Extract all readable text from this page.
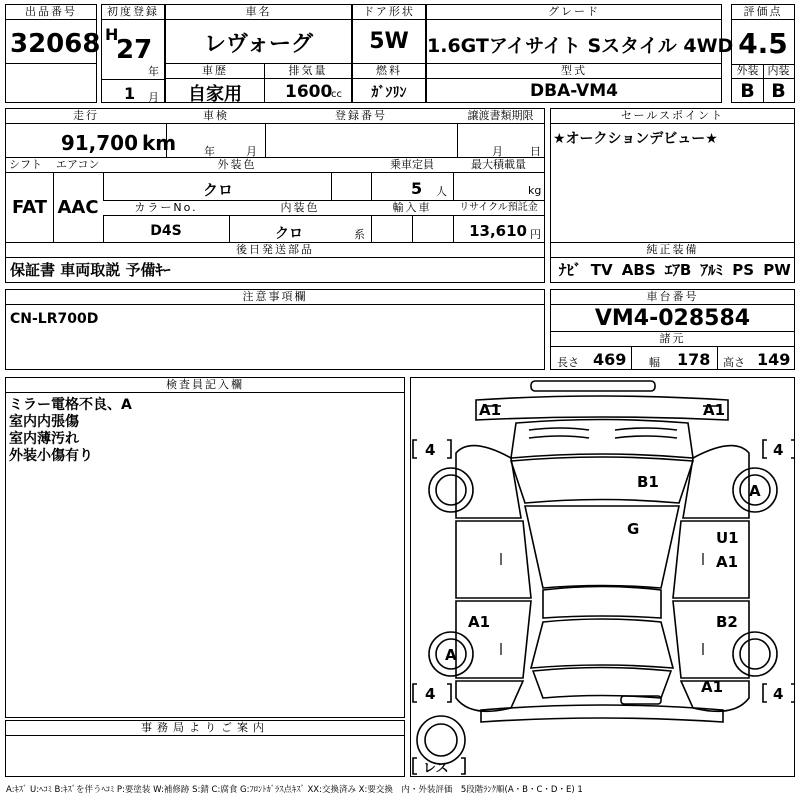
出品番号
32068
初度登録
H
27
年
1 月
車名
レヴォーグ
ドア形状
5W
グレード
1.6GTアイサイト Sスタイル 4WD
車歴
自家用
排気量
1600
cc
燃料
ｶﾞｿﾘﾝ
型式
DBA-VM4
評価点
4.5
外装 内装
B B
走行
91,700 km
車検
年	月
登録番号	譲渡書類期限
月 日
シフト	エアコン
FAT AAC
外装色
クロ
乗車定員
5 人
最大積載量
kg
カラーNo.
D4S
内装色
クロ	系
輸入車	リサイクル預託金
13,610 円
後日発送部品
保証書 車両取説 予備ｷｰ
セールスポイント
★オークションデビュー★
純正装備
ﾅﾋﾞ TV ABS ｴｱB ｱﾙﾐ PS PW
注意事項欄
CN-LR700D
車台番号
VM4-028584
諸元
長さ 469 幅 178 高さ 149
検査員記入欄
ミラー電格不良、A
室内内張傷
室内薄汚れ
外装小傷有り
事務局よりご案内
A1	A1
4	4
B1	A
G	U1
A1
A1	B2
A
A1
4	4
レス
A:ｷｽﾞ U:ﾍｺﾐ B:ｷｽﾞを伴うﾍｺﾐ P:要塗装 W:補修跡 S:錆 C:腐食 G:ﾌﾛﾝﾄｶﾞﾗｽ点ｷｽﾞ XX:交換済み X:要交換　内・外装評価　5段階ﾗﾝｸ順(A・B・C・D・E) 1
